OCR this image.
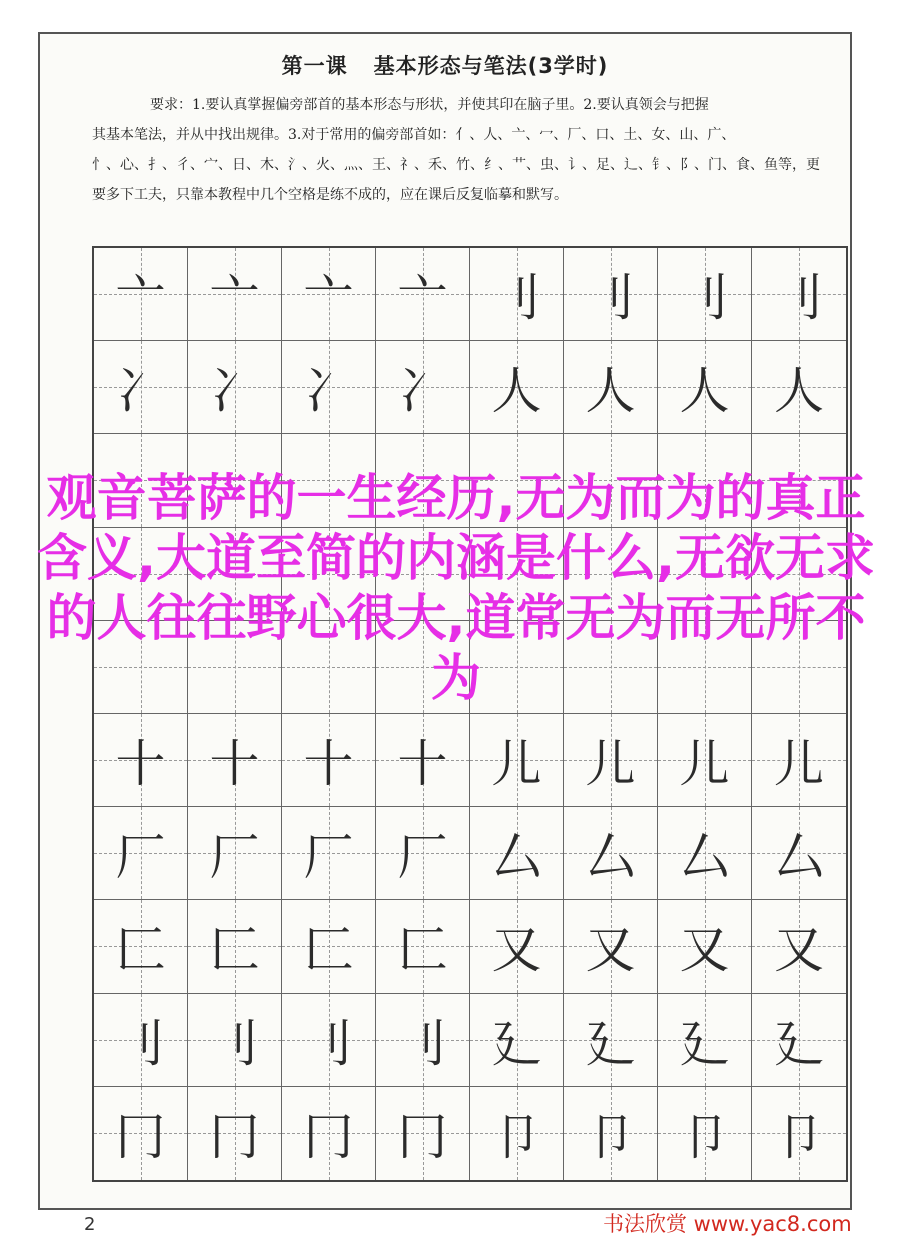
第一课 基本形态与笔法(3学时)
要求：1.要认真掌握偏旁部首的基本形态与形状，并使其印在脑子里。2.要认真领会与把握
其基本笔法，并从中找出规律。3.对于常用的偏旁部首如：亻、人、亠、冖、厂、口、土、女、山、广、
忄、心、扌、彳、宀、日、木、氵、火、灬、王、礻、禾、竹、纟、艹、虫、讠、足、辶、钅、阝、门、食、鱼等，更
要多下工夫，只靠本教程中几个空格是练不成的，应在课后反复临摹和默写。
亠 亠 亠 亠 刂 刂 刂 刂
冫 冫 冫 冫 人 人 人 人
十 十 十 十 儿 儿 儿 儿
厂 厂 厂 厂 厶 厶 厶 厶
匚 匚 匚 匚 又 又 又 又
刂 刂 刂 刂 廴 廴 廴 廴
冂 冂 冂 冂 卩 卩 卩 卩
2	书法欣赏 www.yac8.com
观音菩萨的一生经历,无为而为的真正含义,大道至简的内涵是什么,无欲无求的人往往野心很大,道常无为而无所不为
